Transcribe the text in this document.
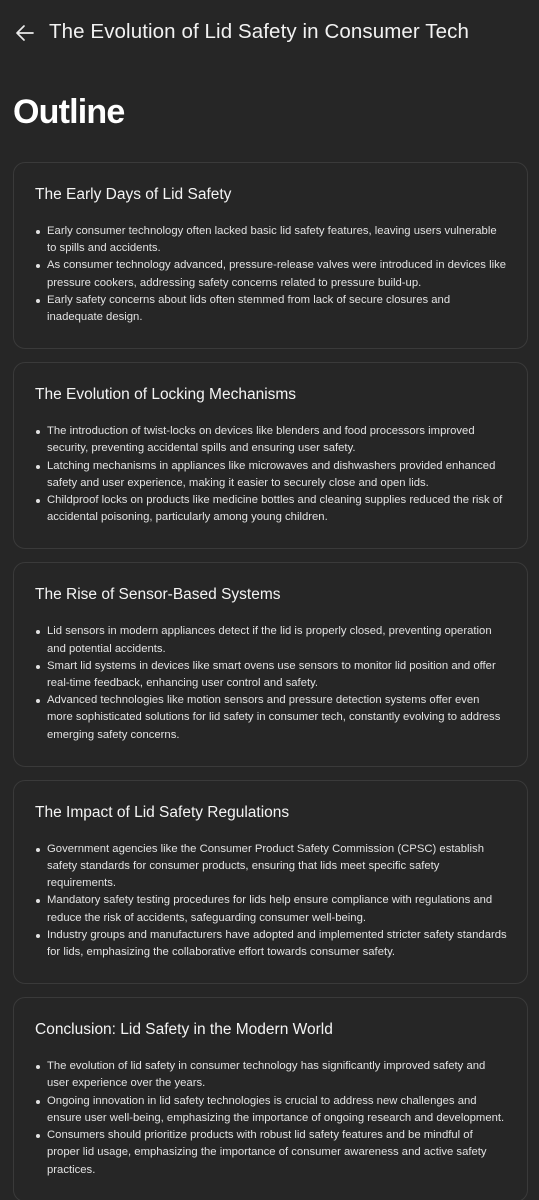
The Evolution of Lid Safety in Consumer Tech
Outline
The Early Days of Lid Safety
Early consumer technology often lacked basic lid safety features, leaving users vulnerable to spills and accidents.
As consumer technology advanced, pressure-release valves were introduced in devices like pressure cookers, addressing safety concerns related to pressure build-up.
Early safety concerns about lids often stemmed from lack of secure closures and inadequate design.
The Evolution of Locking Mechanisms
The introduction of twist-locks on devices like blenders and food processors improved security, preventing accidental spills and ensuring user safety.
Latching mechanisms in appliances like microwaves and dishwashers provided enhanced safety and user experience, making it easier to securely close and open lids.
Childproof locks on products like medicine bottles and cleaning supplies reduced the risk of accidental poisoning, particularly among young children.
The Rise of Sensor-Based Systems
Lid sensors in modern appliances detect if the lid is properly closed, preventing operation and potential accidents.
Smart lid systems in devices like smart ovens use sensors to monitor lid position and offer real-time feedback, enhancing user control and safety.
Advanced technologies like motion sensors and pressure detection systems offer even more sophisticated solutions for lid safety in consumer tech, constantly evolving to address emerging safety concerns.
The Impact of Lid Safety Regulations
Government agencies like the Consumer Product Safety Commission (CPSC) establish safety standards for consumer products, ensuring that lids meet specific safety requirements.
Mandatory safety testing procedures for lids help ensure compliance with regulations and reduce the risk of accidents, safeguarding consumer well-being.
Industry groups and manufacturers have adopted and implemented stricter safety standards for lids, emphasizing the collaborative effort towards consumer safety.
Conclusion: Lid Safety in the Modern World
The evolution of lid safety in consumer technology has significantly improved safety and user experience over the years.
Ongoing innovation in lid safety technologies is crucial to address new challenges and ensure user well-being, emphasizing the importance of ongoing research and development.
Consumers should prioritize products with robust lid safety features and be mindful of proper lid usage, emphasizing the importance of consumer awareness and active safety practices.
